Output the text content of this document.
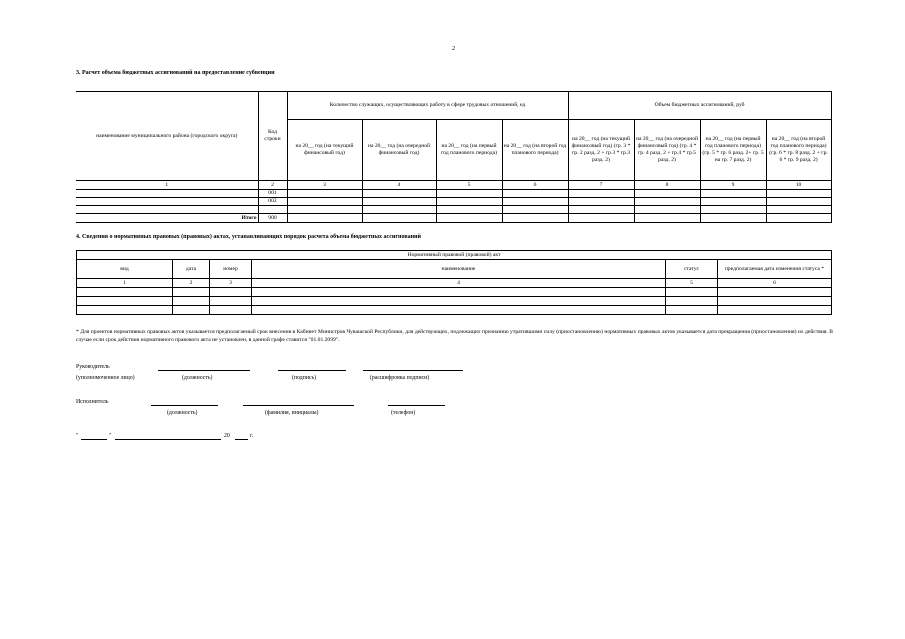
2
3. Расчет объема бюджетных ассигнований на предоставление субвенции
наименование муниципального района (городского округа)	Код строки	Количество служащих, осуществляющих работу в сфере трудовых отношений, ед				Объем бюджетных ассигнований, руб			
		на 20__ год (на текущий финансовый год)	на 20__ год (на очередной финансовый год)	на 20__ год (на первый год планового периода)	на 20__ год (на второй год планового периода)	на 20__ год (на текущий финансовый год) (гр. 3 * гр. 2 разд. 2 + гр.3 * гр.3 разд. 2)	на 20__ год (на очередной финансовый год) (гр. 4 * гр. 4 разд. 2 + гр.4 * гр.5 разд. 2)	на 20__ год (на первый год планового периода) (гр. 5 * гр. 6 разд. 2+ гр. 5 на гр. 7 разд. 2)	на 20__ год (на второй год планового периода) (гр. 6 * гр. 8 разд. 2 + гр. 6 * гр. 9 разд. 2)
1	2	3	4	5	6	7	8	9	10
	001								
	002								

Итого	900								
4. Сведения о нормативных правовых (правовых) актах, устанавливающих порядок расчета объема бюджетных ассигнований
Нормативный правовой (правовой) акт					
вид	дата	номер	наименование	статус	предполагаемая дата изменения статуса *
1	2	3	4	5	6

* Для проектов нормативных правовых актов указывается предполагаемый срок внесения в Кабинет Министров Чувашской Республики, для действующих, подлежащих признанию утратившими силу (приостановлению) нормативных правовых актов указывается дата прекращения (приостановления) их действия. В случае если срок действия нормативного правового акта не установлен, в данной графе ставится "01.01.2099".
Руководитель
(уполномоченное лицо)	(должность)	(подпись)	(расшифровка подписи)
Исполнитель
(должность)	(фамилия, инициалы)	(телефон)
"	"	20	г.
